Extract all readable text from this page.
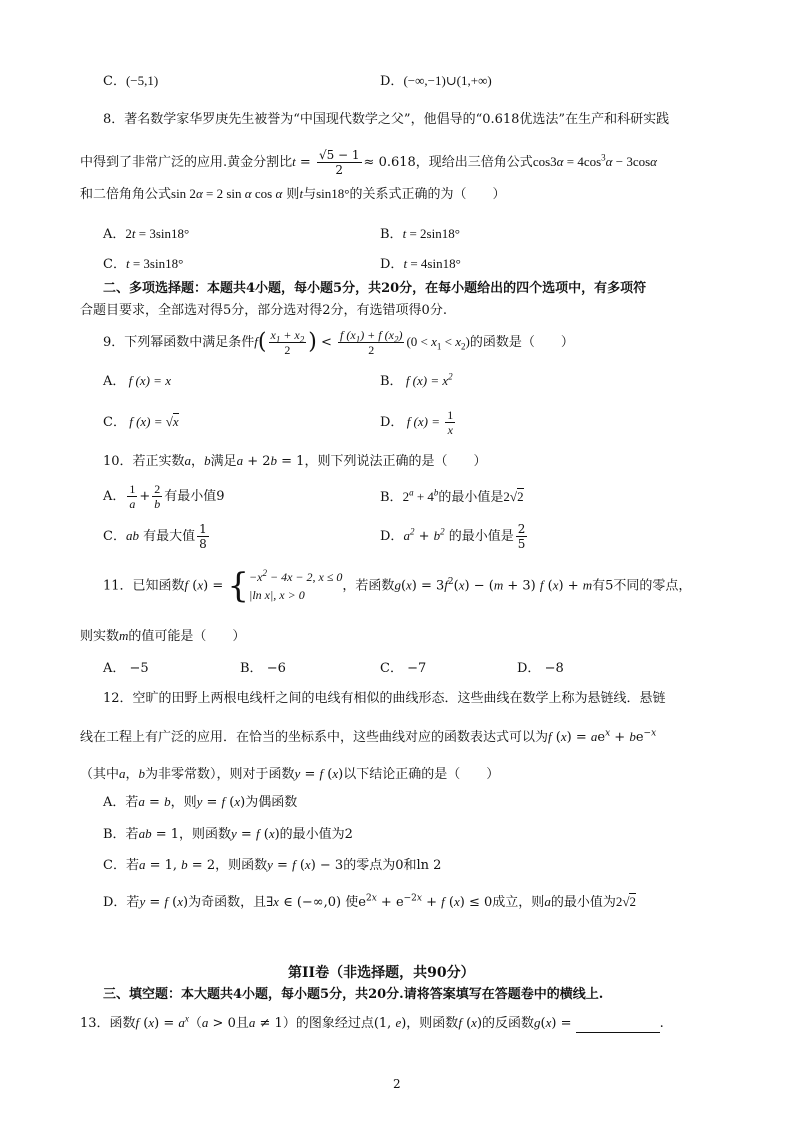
C．(−5,1)	D．(−∞,−1)∪(1,+∞)
8．著名数学家华罗庚先生被誉为“中国现代数学之父”，他倡导的“0.618优选法”在生产和科研实践
中得到了非常广泛的应用.黄金分割比$t = \frac{√5 - 1}{2} \approx 0.618$，现给出三倍角公式$\cos 3\alpha = 4\cos^3\alpha - 3\cos\alpha$
和二倍角角公式sin 2α = 2 sin α cos α 则t与sin18°的关系式正确的为（　　）
A．2t = 3sin18°	B．t = 2sin18°
C．t = 3sin18°	D．t = 4sin18°
二、多项选择题：本题共4小题，每小题5分，共20分，在每小题给出的四个选项中，有多项符
合题目要求，全部选对得5分，部分选对得2分，有选错项得0分.
9．下列幂函数中满足条件$f( \frac{x_1 + x_2}{2}$ ) < $\frac{f (x_1) + f (x_2)}{2} (0 < x_1 < x_2)$的函数是（　　）
A． f (x) = x	B． f $(x) = x^2$
C． f (x) = √x	D． f $(x) = \frac{1}{x}$
10．若正实数a，b满足a + 2b = 1，则下列说法正确的是（　　）
A． $\frac{1}{a} + \frac{2}{b}$ 有最小值9	B．$2^a + 4^b$的最小值是2√2
C．ab 有最大值 $\frac{1}{8}$	D．$a^2 + b^2$ 的最小值是 $\frac{2}{5}$
11．已知函数f (x) = { $-x^2 - 4x - 2$, x ≤ 0
|ln x|, x > 0
，若函数$g(x) = 3f^2(x) - (m + 3)$ f (x) + m有5不同的零点，
则实数m的值可能是（　　）
A． −5	B． −6	C． −7	D． −8
12．空旷的田野上两根电线杆之间的电线有相似的曲线形态．这些曲线在数学上称为悬链线．悬链
线在工程上有广泛的应用．在恰当的坐标系中，这些曲线对应的函数表达式可以为f $(x) = ae^x + be^{-x}$
（其中a，b为非零常数），则对于函数y = f (x)以下结论正确的是（　　）
A．若a = b，则y = f (x)为偶函数
B．若ab = 1，则函数y = f (x)的最小值为2
C．若a = 1, b = 2，则函数y = f (x) − 3的零点为0和ln 2
D．若y = f (x)为奇函数，且∃x ∈ (−∞,0) 使$e^{2x} + e^{-2x} + f$ (x) ≤ 0成立，则a的最小值为2√2
第II卷（非选择题，共90分）
三、填空题：本大题共4小题，每小题5分，共20分.请将答案填写在答题卷中的横线上.
13．函数f $(x) = a^x(a > 0$且a ≠ 1）的图象经过点(1, e)，则函数f (x)的反函数g(x) =	.
2
